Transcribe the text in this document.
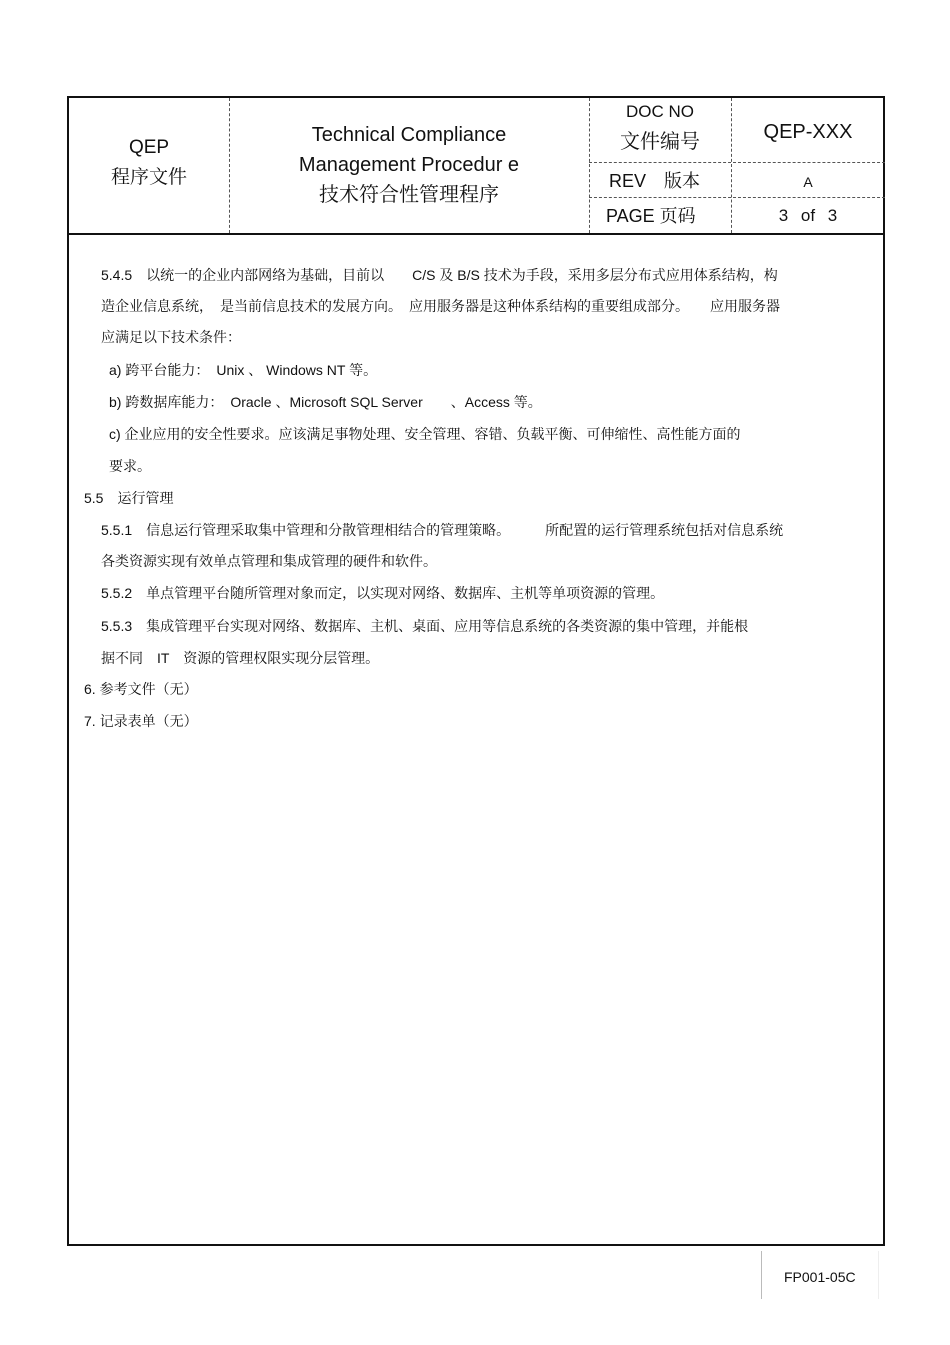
QEP
程序文件
Technical Compliance
Management Procedur e
技术符合性管理程序
DOC NO
文件编号	QEP-XXX
REV　版本	A
PAGE 页码	3 of 3
5.4.5　以统一的企业内部网络为基础，目前以　　C/S 及 B/S 技术为手段，采用多层分布式应用体系结构，构
造企业信息系统，　是当前信息技术的发展方向。　应用服务器是这种体系结构的重要组成部分。　　应用服务器
应满足以下技术条件：
a) 跨平台能力：　Unix 、 Windows NT 等。
b) 跨数据库能力：　Oracle 、Microsoft SQL Server　　、Access 等。
c) 企业应用的安全性要求。应该满足事物处理、安全管理、容错、负载平衡、可伸缩性、高性能方面的
要求。
5.5　运行管理
5.5.1　信息运行管理采取集中管理和分散管理相结合的管理策略。　　　所配置的运行管理系统包括对信息系统
各类资源实现有效单点管理和集成管理的硬件和软件。
5.5.2　单点管理平台随所管理对象而定，以实现对网络、数据库、主机等单项资源的管理。
5.5.3　集成管理平台实现对网络、数据库、主机、桌面、应用等信息系统的各类资源的集中管理，并能根
据不同　IT　资源的管理权限实现分层管理。
6. 参考文件（无）
7. 记录表单（无）
FP001-05C
